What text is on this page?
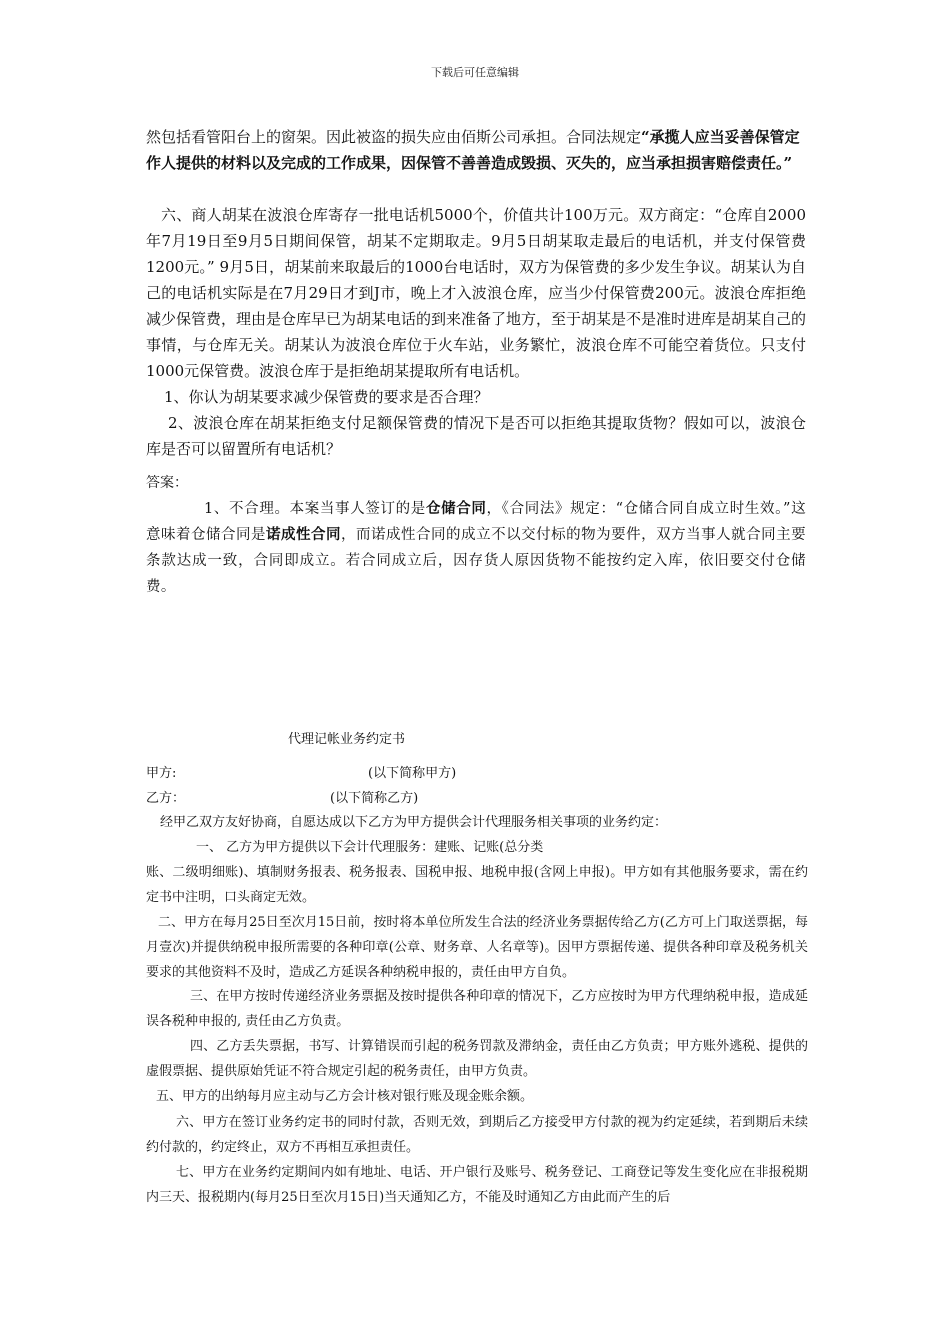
下载后可任意编辑
然包括看管阳台上的窗架。因此被盗的损失应由佰斯公司承担。合同法规定“承揽人应当妥善保管定作人提供的材料以及完成的工作成果，因保管不善善造成毁损、灭失的，应当承担损害赔偿责任。”

六、商人胡某在波浪仓库寄存一批电话机5000个，价值共计100万元。双方商定：“仓库自2000年7月19日至9月5日期间保管，胡某不定期取走。9月5日胡某取走最后的电话机，并支付保管费1200元。” 9月5日，胡某前来取最后的1000台电话时，双方为保管费的多少发生争议。胡某认为自己的电话机实际是在7月29日才到J市，晚上才入波浪仓库，应当少付保管费200元。波浪仓库拒绝减少保管费，理由是仓库早已为胡某电话的到来准备了地方，至于胡某是不是准时进库是胡某自己的事情，与仓库无关。胡某认为波浪仓库位于火车站，业务繁忙，波浪仓库不可能空着货位。只支付1000元保管费。波浪仓库于是拒绝胡某提取所有电话机。

1、你认为胡某要求减少保管费的要求是否合理？

2、波浪仓库在胡某拒绝支付足额保管费的情况下是否可以拒绝其提取货物？假如可以，波浪仓库是否可以留置所有电话机？

答案：
1、不合理。本案当事人签订的是仓储合同，《合同法》规定：“仓储合同自成立时生效。”这意味着仓储合同是诺成性合同，而诺成性合同的成立不以交付标的物为要件，双方当事人就合同主要条款达成一致，合同即成立。若合同成立后，因存货人原因货物不能按约定入库，依旧要交付仓储费。
代理记帐业务约定书
甲方:	(以下简称甲方)
乙方：	(以下简称乙方)

经甲乙双方友好协商，自愿达成以下乙方为甲方提供会计代理服务相关事项的业务约定：

一、 乙方为甲方提供以下会计代理服务：建账、记账(总分类

账、二级明细账)、填制财务报表、税务报表、国税申报、地税申报(含网上申报)。甲方如有其他服务要求，需在约定书中注明，口头商定无效。

二、甲方在每月25日至次月15日前，按时将本单位所发生合法的经济业务票据传给乙方(乙方可上门取送票据，每月壹次)并提供纳税申报所需要的各种印章(公章、财务章、人名章等)。因甲方票据传递、提供各种印章及税务机关要求的其他资料不及时，造成乙方延误各种纳税申报的，责任由甲方自负。

三、在甲方按时传递经济业务票据及按时提供各种印章的情况下，乙方应按时为甲方代理纳税申报，造成延误各税种申报的, 责任由乙方负责。

四、乙方丢失票据，书写、计算错误而引起的税务罚款及滞纳金，责任由乙方负责；甲方账外逃税、提供的虚假票据、提供原始凭证不符合规定引起的税务责任，由甲方负责。

五、甲方的出纳每月应主动与乙方会计核对银行账及现金账余额。

六、甲方在签订业务约定书的同时付款，否则无效，到期后乙方接受甲方付款的视为约定延续，若到期后未续约付款的，约定终止，双方不再相互承担责任。

七、甲方在业务约定期间内如有地址、电话、开户银行及账号、税务登记、工商登记等发生变化应在非报税期内三天、报税期内(每月25日至次月15日)当天通知乙方，不能及时通知乙方由此而产生的后
